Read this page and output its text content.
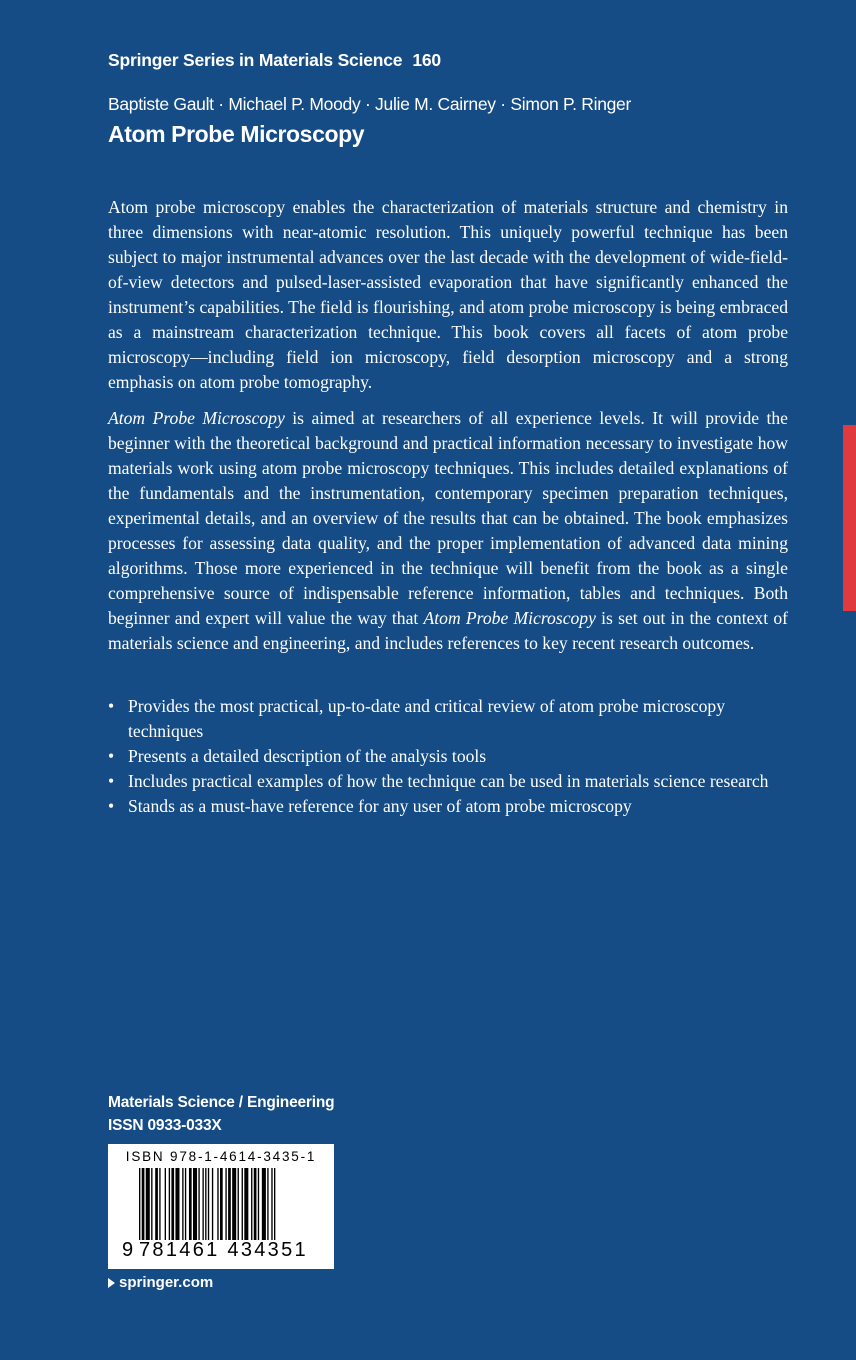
Springer Series in Materials Science 160
Baptiste Gault · Michael P. Moody · Julie M. Cairney · Simon P. Ringer
Atom Probe Microscopy

Atom probe microscopy enables the characterization of materials structure and chemistry in three dimensions with near-atomic resolution. This uniquely powerful technique has been subject to major instrumental advances over the last decade with the development of wide-field-of-view detectors and pulsed-laser-assisted evaporation that have significantly enhanced the instrument’s capabilities. The field is flourishing, and atom probe microscopy is being embraced as a mainstream characterization technique. This book covers all facets of atom probe microscopy—including field ion microscopy, field desorption microscopy and a strong emphasis on atom probe tomography.

Atom Probe Microscopy is aimed at researchers of all experience levels. It will provide the beginner with the theoretical background and practical information necessary to investigate how materials work using atom probe microscopy techniques. This includes detailed explanations of the fundamentals and the instrumentation, contemporary specimen preparation techniques, experimental details, and an overview of the results that can be obtained. The book emphasizes processes for assessing data quality, and the proper implementation of advanced data mining algorithms. Those more experienced in the technique will benefit from the book as a single comprehensive source of indispensable reference information, tables and techniques. Both beginner and expert will value the way that Atom Probe Microscopy is set out in the context of materials science and engineering, and includes references to key recent research outcomes.

• Provides the most practical, up-to-date and critical review of atom probe microscopy techniques
• Presents a detailed description of the analysis tools
• Includes practical examples of how the technique can be used in materials science research
• Stands as a must-have reference for any user of atom probe microscopy
Materials Science / Engineering
ISSN 0933-033X
ISBN 978-1-4614-3435-1
9 781461 434351
springer.com
